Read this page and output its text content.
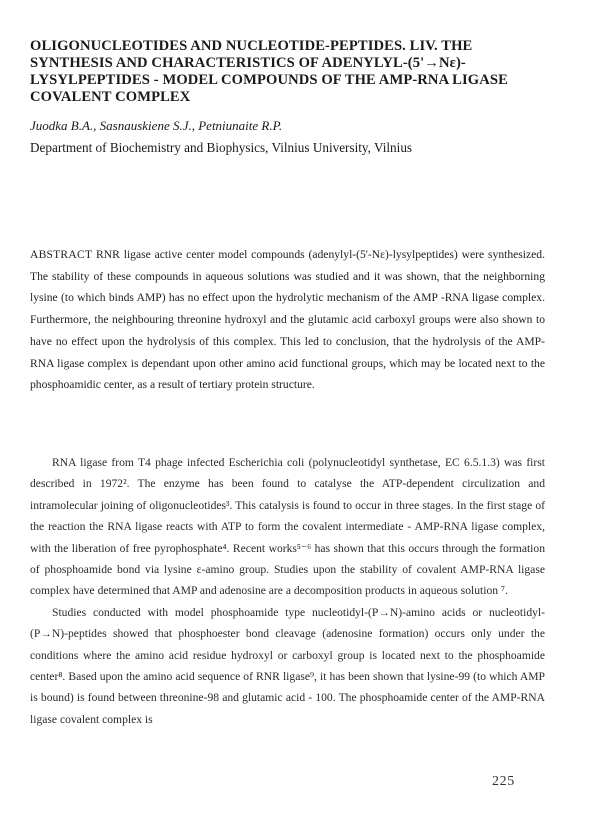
OLIGONUCLEOTIDES AND NUCLEOTIDE-PEPTIDES. LIV. THE SYNTHESIS AND CHARACTERISTICS OF ADENYLYL-(5'→Nε)-LYSYLPEPTIDES - MODEL COMPOUNDS OF THE AMP-RNA LIGASE COVALENT COMPLEX
Juodka B.A., Sasnauskiene S.J., Petniunaite R.P.
Department of Biochemistry and Biophysics, Vilnius University, Vilnius
ABSTRACT RNR ligase active center model compounds (adenylyl-(5'-Nε)-lysylpeptides) were synthesized. The stability of these compounds in aqueous solutions was studied and it was shown, that the neighborning lysine (to which binds AMP) has no effect upon the hydrolytic mechanism of the AMP -RNA ligase complex. Furthermore, the neighbouring threonine hydroxyl and the glutamic acid carboxyl groups were also shown to have no effect upon the hydrolysis of this complex. This led to conclusion, that the hydrolysis of the AMP-RNA ligase complex is dependant upon other amino acid functional groups, which may be located next to the phosphoamidic center, as a result of tertiary protein structure.

RNA ligase from T4 phage infected Escherichia coli (polynucleotidyl synthetase, EC 6.5.1.3) was first described in 1972². The enzyme has been found to catalyse the ATP-dependent circulization and intramolecular joining of oligonucleotides³. This catalysis is found to occur in three stages. In the first stage of the reaction the RNA ligase reacts with ATP to form the covalent intermediate - AMP-RNA ligase complex, with the liberation of free pyrophosphate⁴. Recent works⁵⁻⁶ has shown that this occurs through the formation of phosphoamide bond via lysine ε-amino group. Studies upon the stability of covalent AMP-RNA ligase complex have determined that AMP and adenosine are a decomposition products in aqueous solution ⁷.

Studies conducted with model phosphoamide type nucleotidyl-(P→N)-amino acids or nucleotidyl-(P→N)-peptides showed that phosphoester bond cleavage (adenosine formation) occurs only under the conditions where the amino acid residue hydroxyl or carboxyl group is located next to the phosphoamide center⁸. Based upon the amino acid sequence of RNR ligase⁹, it has been shown that lysine-99 (to which AMP is bound) is found between threonine-98 and glutamic acid - 100. The phosphoamide center of the AMP-RNA ligase covalent complex is

225
